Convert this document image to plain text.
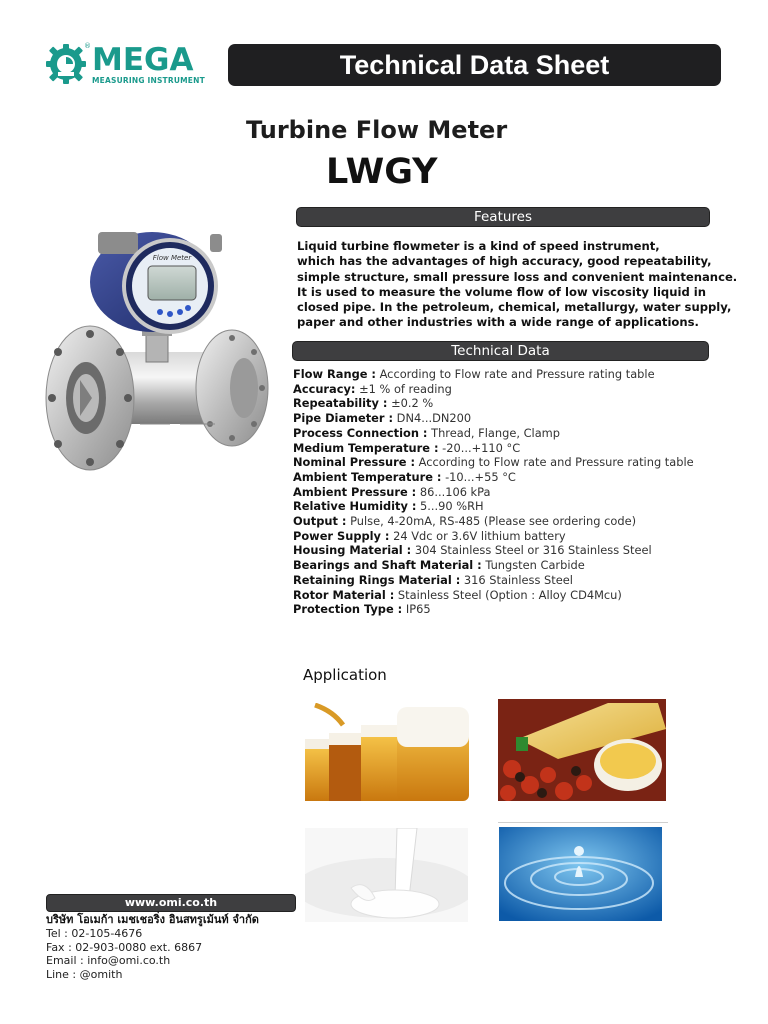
® MEGA
MEASURING INSTRUMENT
Technical Data Sheet
Turbine Flow Meter
LWGY
Flow Meter
Features

Liquid turbine flowmeter is a kind of speed instrument,

which has the advantages of high accuracy, good repeatability,

simple structure, small pressure loss and convenient maintenance.

It is used to measure the volume flow of low viscosity liquid in

closed pipe. In the petroleum, chemical, metallurgy, water supply,

paper and other industries with a wide range of applications.

Technical Data
Flow Range : According to Flow rate and Pressure rating table
Accuracy: ±1 % of reading
Repeatability : ±0.2 %
Pipe Diameter : DN4...DN200
Process Connection : Thread, Flange, Clamp
Medium Temperature : -20...+110 °C
Nominal Pressure : According to Flow rate and Pressure rating table
Ambient Temperature : -10...+55 °C
Ambient Pressure : 86...106 kPa
Relative Humidity : 5...90 %RH
Output : Pulse, 4-20mA, RS-485 (Please see ordering code)
Power Supply : 24 Vdc or 3.6V lithium battery
Housing Material : 304 Stainless Steel or 316 Stainless Steel
Bearings and Shaft Material : Tungsten Carbide
Retaining Rings Material : 316 Stainless Steel
Rotor Material : Stainless Steel (Option : Alloy CD4Mcu)
Protection Type : IP65
Application
www.omi.co.th
บริษัท โอเมก้า เมชเชอริ่ง อินสทรูเม้นท์ จำกัด
Tel : 02-105-4676
Fax : 02-903-0080 ext. 6867
Email : info@omi.co.th
Line : @omith
